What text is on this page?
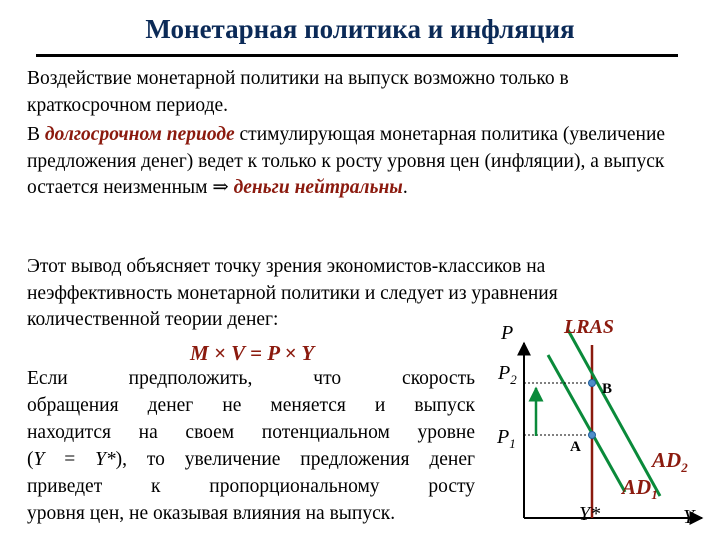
Монетарная политика и инфляция
Воздействие монетарной политики на выпуск возможно только в краткосрочном периоде.
В долгосрочном периоде стимулирующая монетарная политика (увеличение предложения денег) ведет к только к росту уровня цен (инфляции), а выпуск остается неизменным ⇒ деньги нейтральны.
Этот вывод объясняет точку зрения экономистов-классиков на неэффективность монетарной политики и следует из уравнения количественной теории денег:
M × V = P × Y
Если предположить, что скорость
обращения денег не меняется и выпуск
находится на своем потенциальном уровне
(Y = Y*), то увеличение предложения денег
приведет к пропорциональному росту
уровня цен, не оказывая влияния на выпуск.
P	LRAS
$P_2$
$P_1$
B
A
$AD_2$
$AD_1$
Y*	Y
